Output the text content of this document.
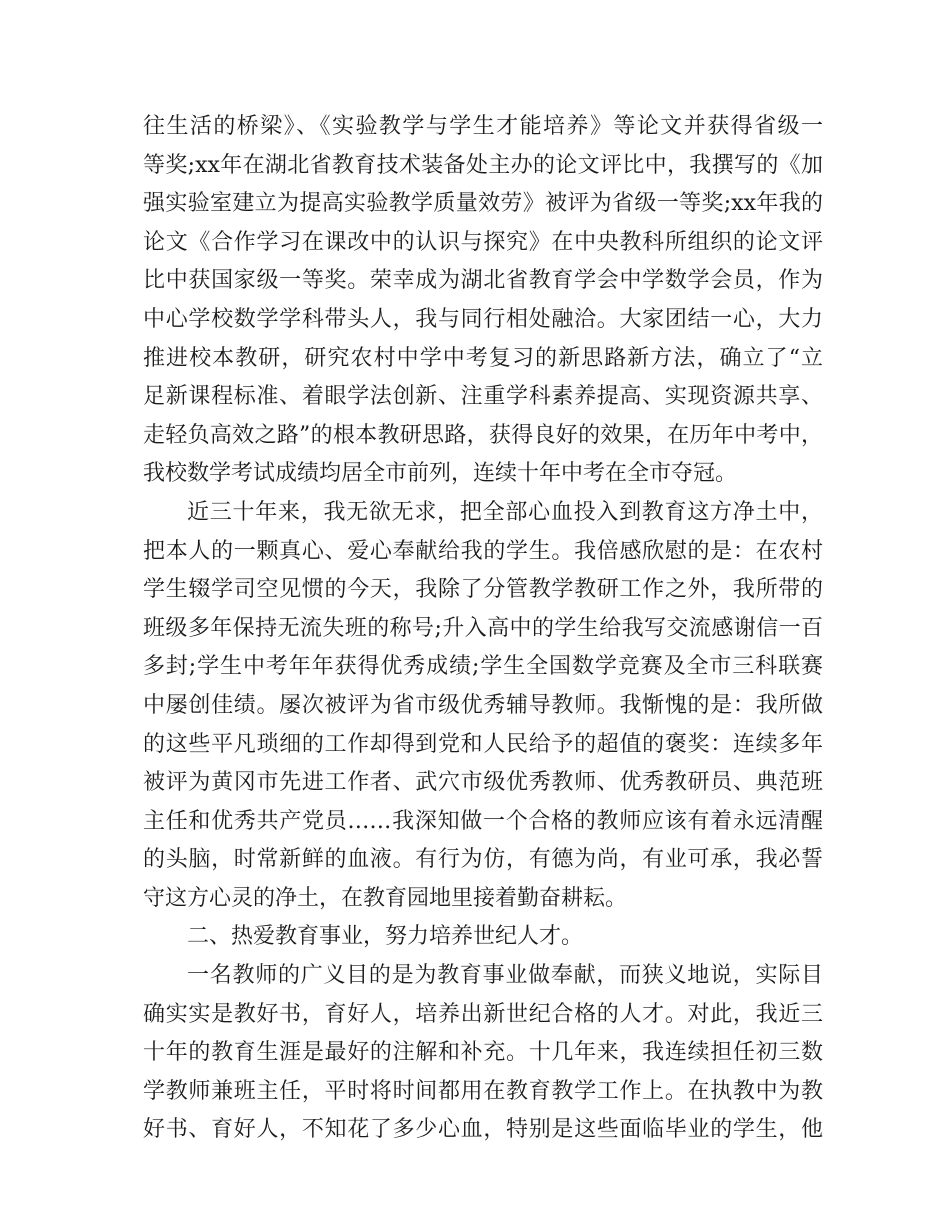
往生活的桥梁》、《实验教学与学生才能培养》等论文并获得省级一
等奖;xx年在湖北省教育技术装备处主办的论文评比中，我撰写的《加
强实验室建立为提高实验教学质量效劳》被评为省级一等奖;xx年我的
论文《合作学习在课改中的认识与探究》在中央教科所组织的论文评
比中获国家级一等奖。荣幸成为湖北省教育学会中学数学会员，作为
中心学校数学学科带头人，我与同行相处融洽。大家团结一心，大力
推进校本教研，研究农村中学中考复习的新思路新方法，确立了“立
足新课程标准、着眼学法创新、注重学科素养提高、实现资源共享、
走轻负高效之路”的根本教研思路，获得良好的效果，在历年中考中，
我校数学考试成绩均居全市前列，连续十年中考在全市夺冠。
近三十年来，我无欲无求，把全部心血投入到教育这方净土中，
把本人的一颗真心、爱心奉献给我的学生。我倍感欣慰的是：在农村
学生辍学司空见惯的今天，我除了分管教学教研工作之外，我所带的
班级多年保持无流失班的称号;升入高中的学生给我写交流感谢信一百
多封;学生中考年年获得优秀成绩;学生全国数学竞赛及全市三科联赛
中屡创佳绩。屡次被评为省市级优秀辅导教师。我惭愧的是：我所做
的这些平凡琐细的工作却得到党和人民给予的超值的褒奖：连续多年
被评为黄冈市先进工作者、武穴市级优秀教师、优秀教研员、典范班
主任和优秀共产党员……我深知做一个合格的教师应该有着永远清醒
的头脑，时常新鲜的血液。有行为仿，有德为尚，有业可承，我必誓
守这方心灵的净土，在教育园地里接着勤奋耕耘。
二、热爱教育事业，努力培养世纪人才。
一名教师的广义目的是为教育事业做奉献，而狭义地说，实际目
确实实是教好书，育好人，培养出新世纪合格的人才。对此，我近三
十年的教育生涯是最好的注解和补充。十几年来，我连续担任初三数
学教师兼班主任，平时将时间都用在教育教学工作上。在执教中为教
好书、育好人，不知花了多少心血，特别是这些面临毕业的学生，他
